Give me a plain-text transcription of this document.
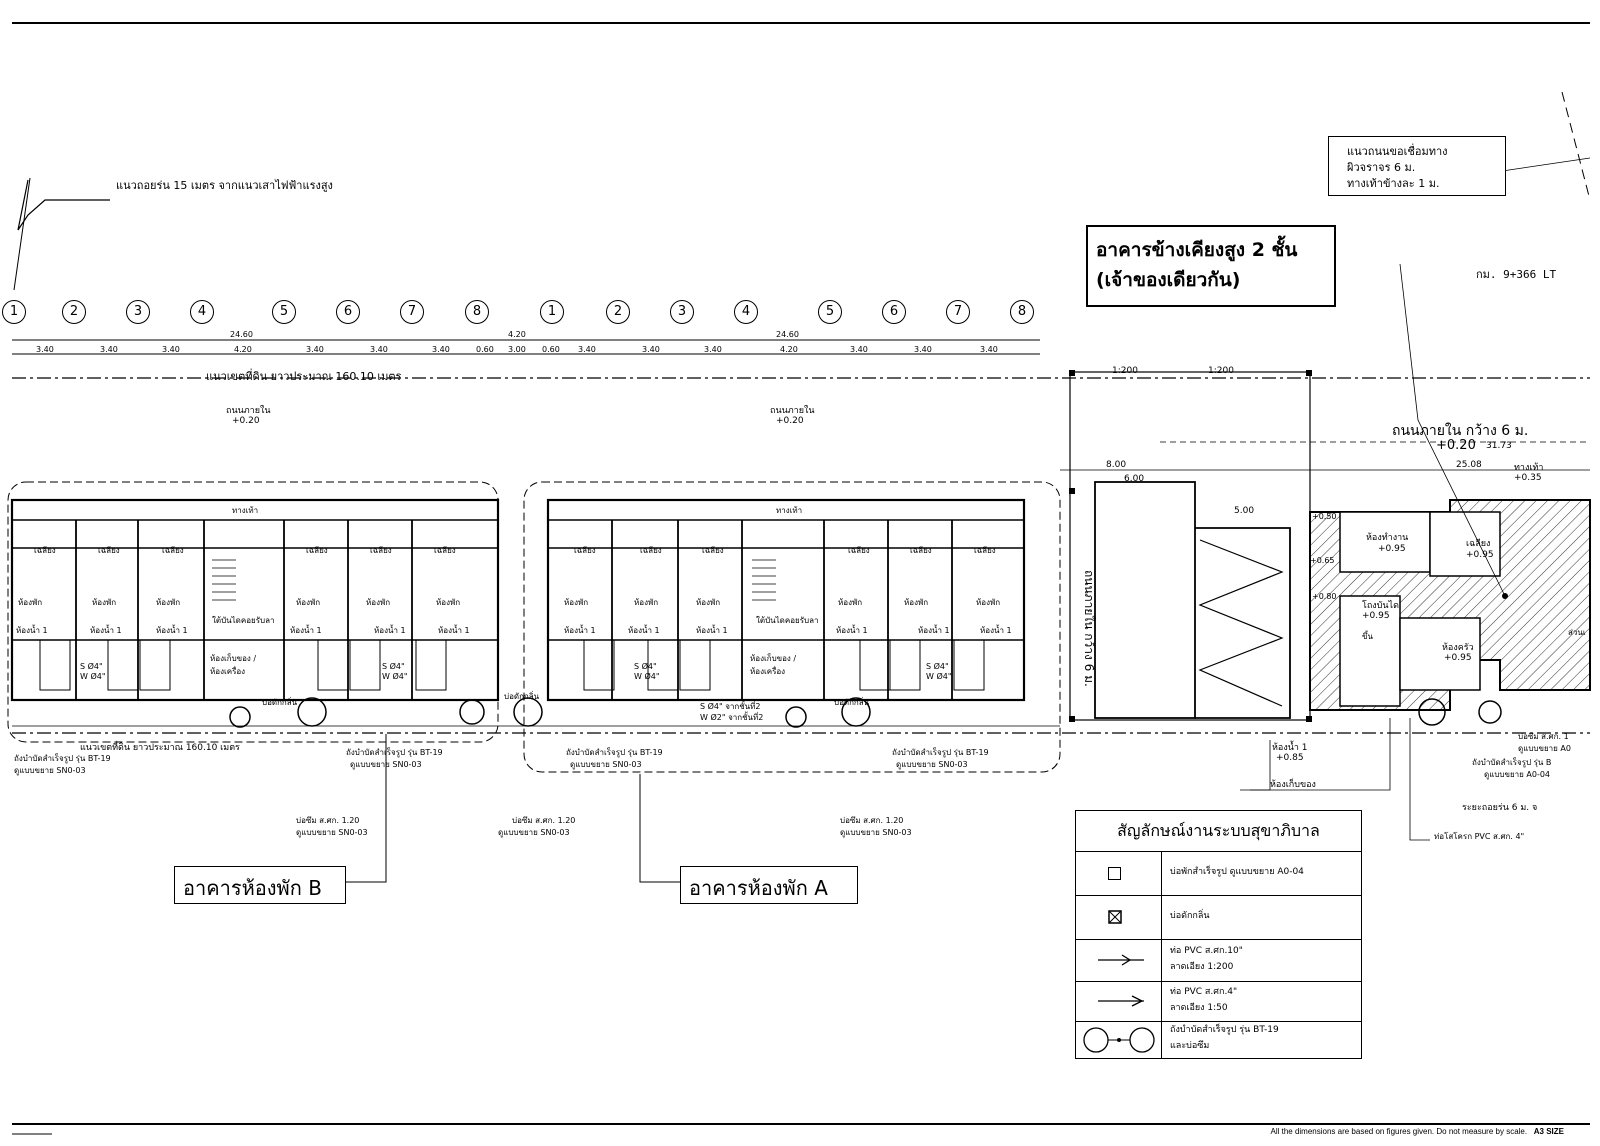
แนวถอยร่น 15 เมตร จากแนวเสาไฟฟ้าแรงสูง
แนวถนนขอเชื่อมทาง
ผิวจราจร 6 ม.
ทางเท้าข้างละ 1 ม.
อาคารข้างเคียงสูง 2 ชั้น
(เจ้าของเดียวกัน)	กม. 9+366 LT
1	2	3	4	5	6	7	8	1	2	3	4	5	6	7	8
24.60	4.20	24.60
3.40	3.40	3.40	4.20	3.40	3.40	3.40	0.60 3.00 0.60 3.40	3.40	3.40	4.20	3.40	3.40	3.40
แนวเขตที่ดิน ยาวประมาณ 160.10 เมตร	1:200	1:200
ถนนภายใน
+0.20
ถนนภายใน
+0.20
ถนนภายใน กว้าง 6 ม.
+0.20 31.73
25.08
8.00
6.00
5.00
ทางเท้า
+0.35
ถนนภายใน กว้าง 6 ม.
ทางเท้า	ทางเท้า
เฉลียง	เฉลียง	เฉลียง	เฉลียง	เฉลียง	เฉลียง
ห้องพัก	ห้องพัก	ห้องพัก	ห้องพัก	ห้องพัก	ห้องพัก
ห้องน้ำ 1	ห้องน้ำ 1	ห้องน้ำ 1	ห้องน้ำ 1	ห้องน้ำ 1	ห้องน้ำ 1
ใต้บันไดคอยรับลา
ห้องเก็บของ / ห้องเครื่อง
เฉลียง	เฉลียง	เฉลียง	เฉลียง	เฉลียง	เฉลียง
ห้องพัก	ห้องพัก	ห้องพัก	ห้องพัก	ห้องพัก	ห้องพัก
ห้องน้ำ 1	ห้องน้ำ 1	ห้องน้ำ 1	ห้องน้ำ 1	ห้องน้ำ 1	ห้องน้ำ 1
ใต้บันไดคอยรับลา
ห้องเก็บของ / ห้องเครื่อง
S Ø4"
W Ø4"
S Ø4"
W Ø4"
S Ø4"
W Ø4"
S Ø4"
W Ø4"
S Ø4" จากชั้นที่2
W Ø2" จากชั้นที่2
บ่อดักกลิ่น
บ่อดักกลิ่น
บ่อดักกลิ่น
แนวเขตที่ดิน ยาวประมาณ 160.10 เมตร
ถังบำบัดสำเร็จรูป รุ่น BT-19
ดูแบบขยาย SN0-03
ถังบำบัดสำเร็จรูป รุ่น BT-19
ดูแบบขยาย SN0-03
ถังบำบัดสำเร็จรูป รุ่น BT-19
ดูแบบขยาย SN0-03
ถังบำบัดสำเร็จรูป รุ่น BT-19
ดูแบบขยาย SN0-03
บ่อซึม ส.ศก. 1.20
ดูแบบขยาย SN0-03
บ่อซึม ส.ศก. 1.20
ดูแบบขยาย SN0-03
บ่อซึม ส.ศก. 1.20
ดูแบบขยาย SN0-03
ห้องทำงาน
+0.95	เฉลียง
+0.95
โถงบันได
+0.95
ห้องครัว
+0.95
ขึ้น
+0.65
+0.80
+0.50
ส่วนเ
ห้องน้ำ 1
+0.85
ห้องเก็บของ
บ่อซึม ส.ศก. 1
ดูแบบขยาย A0
ถังบำบัดสำเร็จรูป รุ่น B
ดูแบบขยาย A0-04
ระยะถอยร่น 6 ม. จ
ท่อโสโครก PVC ส.ศก. 4"
อาคารห้องพัก B	อาคารห้องพัก A
สัญลักษณ์งานระบบสุขาภิบาล
บ่อพักสำเร็จรูป ดูแบบขยาย A0-04
บ่อดักกลิ่น
ท่อ PVC ส.ศก.10"
ลาดเอียง 1:200
ท่อ PVC ส.ศก.4"
ลาดเอียง 1:50
ถังบำบัดสำเร็จรูป รุ่น BT-19
และบ่อซึม
All the dimensions are based on figures given. Do not measure by scale. A3 SIZE
